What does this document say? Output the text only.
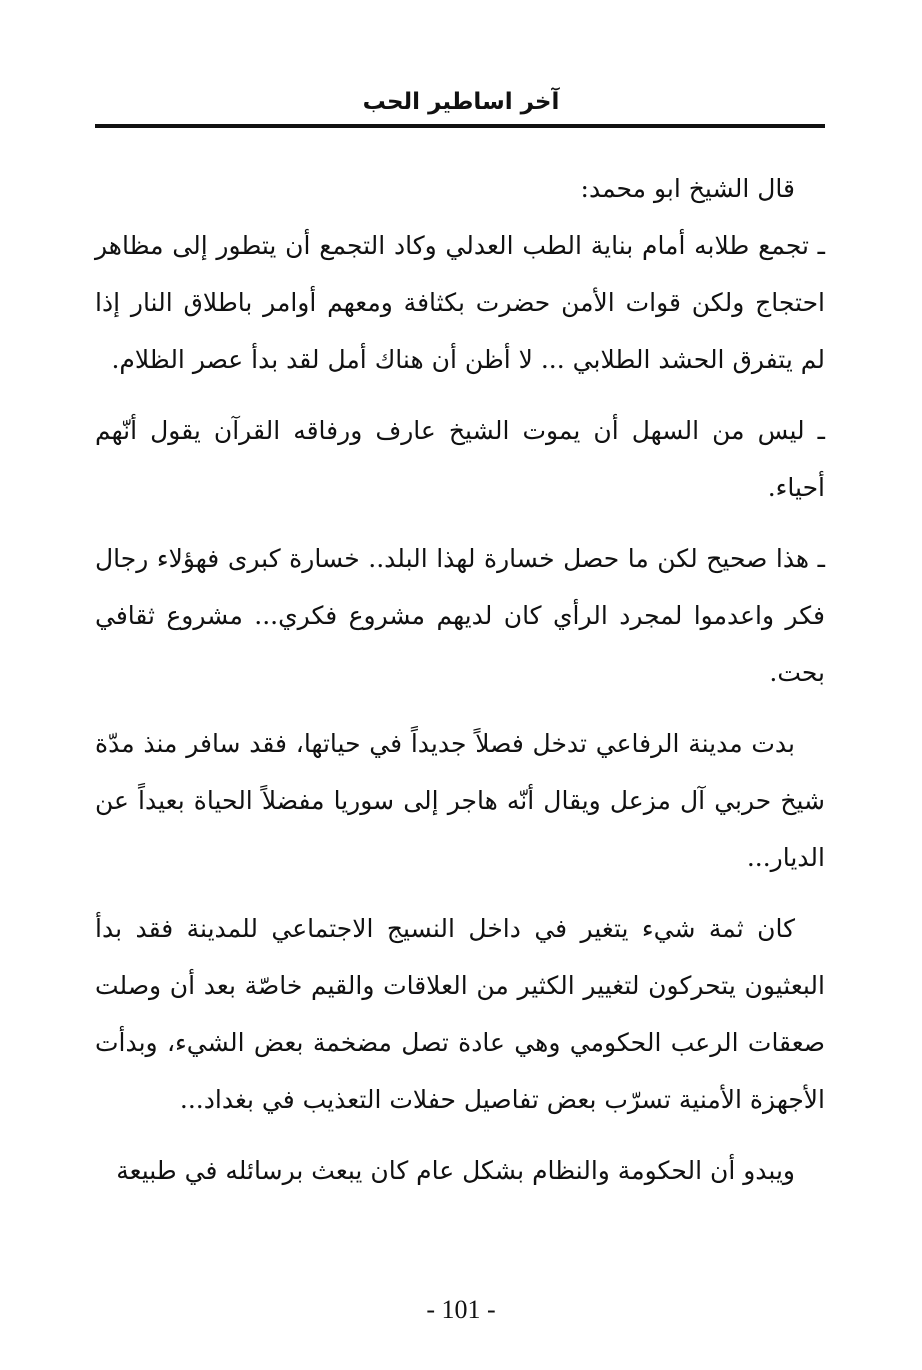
آخر اساطير الحب

قال الشيخ ابو محمد:

ـ تجمع طلابه أمام بناية الطب العدلي وكاد التجمع أن يتطور إلى مظاهر احتجاج ولكن قوات الأمن حضرت بكثافة ومعهم أوامر باطلاق النار إذا لم يتفرق الحشد الطلابي ... لا أظن أن هناك أمل لقد بدأ عصر الظلام.

ـ ليس من السهل أن يموت الشيخ عارف ورفاقه القرآن يقول أنّهم أحياء.

ـ هذا صحيح لكن ما حصل خسارة لهذا البلد.. خسارة كبرى فهؤلاء رجال فكر واعدموا لمجرد الرأي كان لديهم مشروع فكري... مشروع ثقافي بحت.

بدت مدينة الرفاعي تدخل فصلاً جديداً في حياتها، فقد سافر منذ مدّة شيخ حربي آل مزعل ويقال أنّه هاجر إلى سوريا مفضلاً الحياة بعيداً عن الديار...

كان ثمة شيء يتغير في داخل النسيج الاجتماعي للمدينة فقد بدأ البعثيون يتحركون لتغيير الكثير من العلاقات والقيم خاصّة بعد أن وصلت صعقات الرعب الحكومي وهي عادة تصل مضخمة بعض الشيء، وبدأت الأجهزة الأمنية تسرّب بعض تفاصيل حفلات التعذيب في بغداد...

ويبدو أن الحكومة والنظام بشكل عام كان يبعث برسائله في طبيعة

- 101 -
